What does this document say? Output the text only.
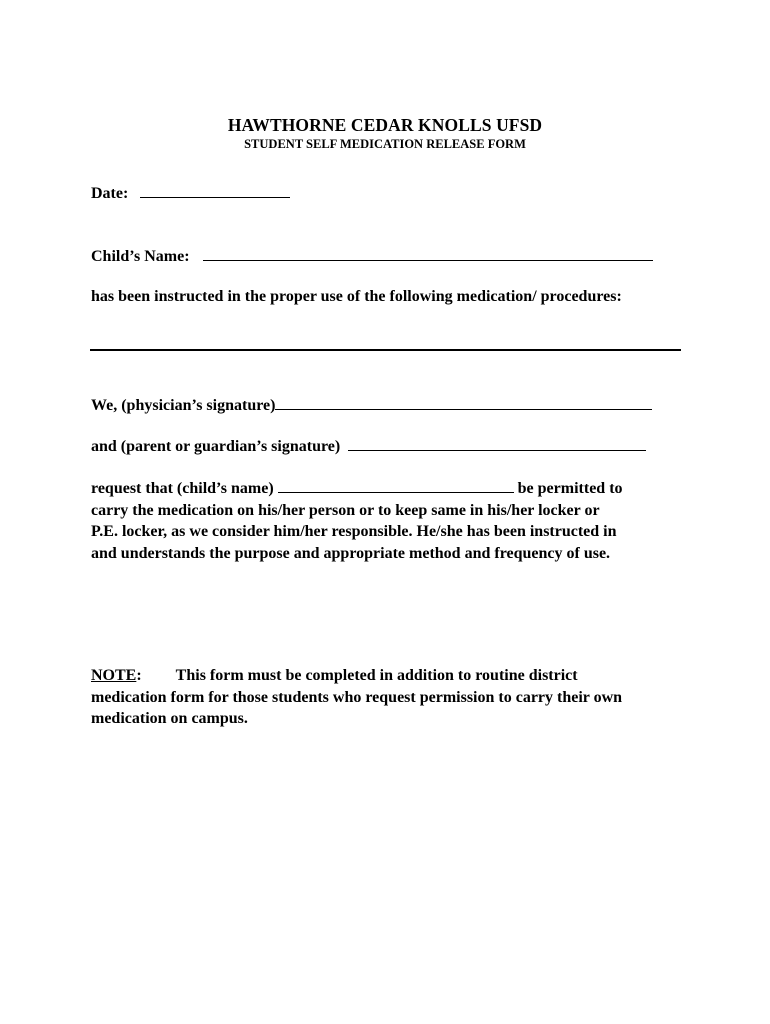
HAWTHORNE CEDAR KNOLLS UFSD
STUDENT SELF MEDICATION RELEASE FORM
Date:
Child’s Name:
has been instructed in the proper use of the following medication/ procedures:
We, (physician’s signature)
and (parent or guardian’s signature)
request that (child’s name)	be permitted to
carry the medication on his/her person or to keep same in his/her locker or
P.E. locker, as we consider him/her responsible. He/she has been instructed in
and understands the purpose and appropriate method and frequency of use.
NOTE: This form must be completed in addition to routine district
medication form for those students who request permission to carry their own
medication on campus.
